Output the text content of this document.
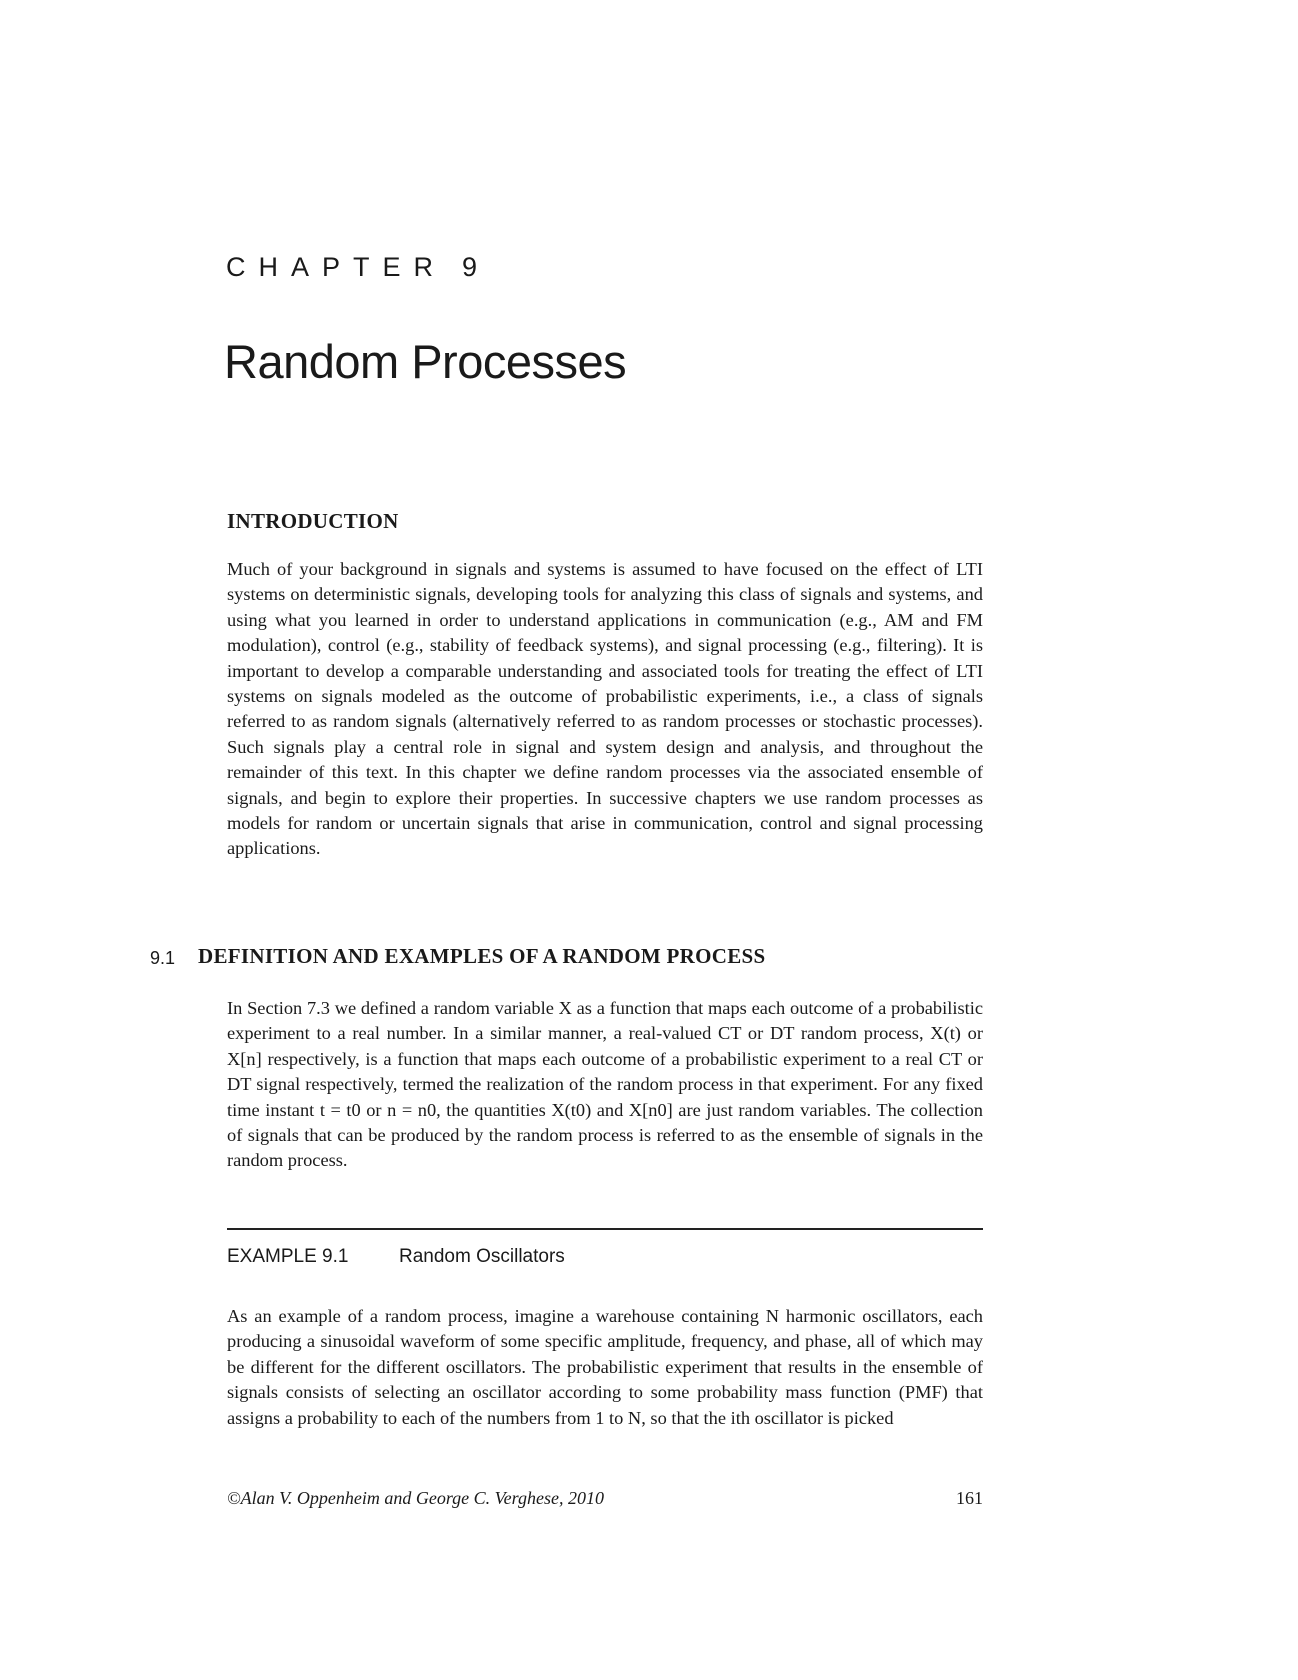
CHAPTER 9
Random Processes
INTRODUCTION
Much of your background in signals and systems is assumed to have focused on the effect of LTI systems on deterministic signals, developing tools for analyzing this class of signals and systems, and using what you learned in order to understand applications in communication (e.g., AM and FM modulation), control (e.g., stability of feedback systems), and signal processing (e.g., filtering). It is important to develop a comparable understanding and associated tools for treating the effect of LTI systems on signals modeled as the outcome of probabilistic experiments, i.e., a class of signals referred to as random signals (alternatively referred to as random processes or stochastic processes). Such signals play a central role in signal and system design and analysis, and throughout the remainder of this text. In this chapter we define random processes via the associated ensemble of signals, and begin to explore their properties. In successive chapters we use random processes as models for random or uncertain signals that arise in communication, control and signal processing applications.
9.1 DEFINITION AND EXAMPLES OF A RANDOM PROCESS
In Section 7.3 we defined a random variable X as a function that maps each outcome of a probabilistic experiment to a real number. In a similar manner, a real-valued CT or DT random process, X(t) or X[n] respectively, is a function that maps each outcome of a probabilistic experiment to a real CT or DT signal respectively, termed the realization of the random process in that experiment. For any fixed time instant t = t0 or n = n0, the quantities X(t0) and X[n0] are just random variables. The collection of signals that can be produced by the random process is referred to as the ensemble of signals in the random process.
EXAMPLE 9.1	Random Oscillators
As an example of a random process, imagine a warehouse containing N harmonic oscillators, each producing a sinusoidal waveform of some specific amplitude, frequency, and phase, all of which may be different for the different oscillators. The probabilistic experiment that results in the ensemble of signals consists of selecting an oscillator according to some probability mass function (PMF) that assigns a probability to each of the numbers from 1 to N, so that the ith oscillator is picked
©Alan V. Oppenheim and George C. Verghese, 2010	161
